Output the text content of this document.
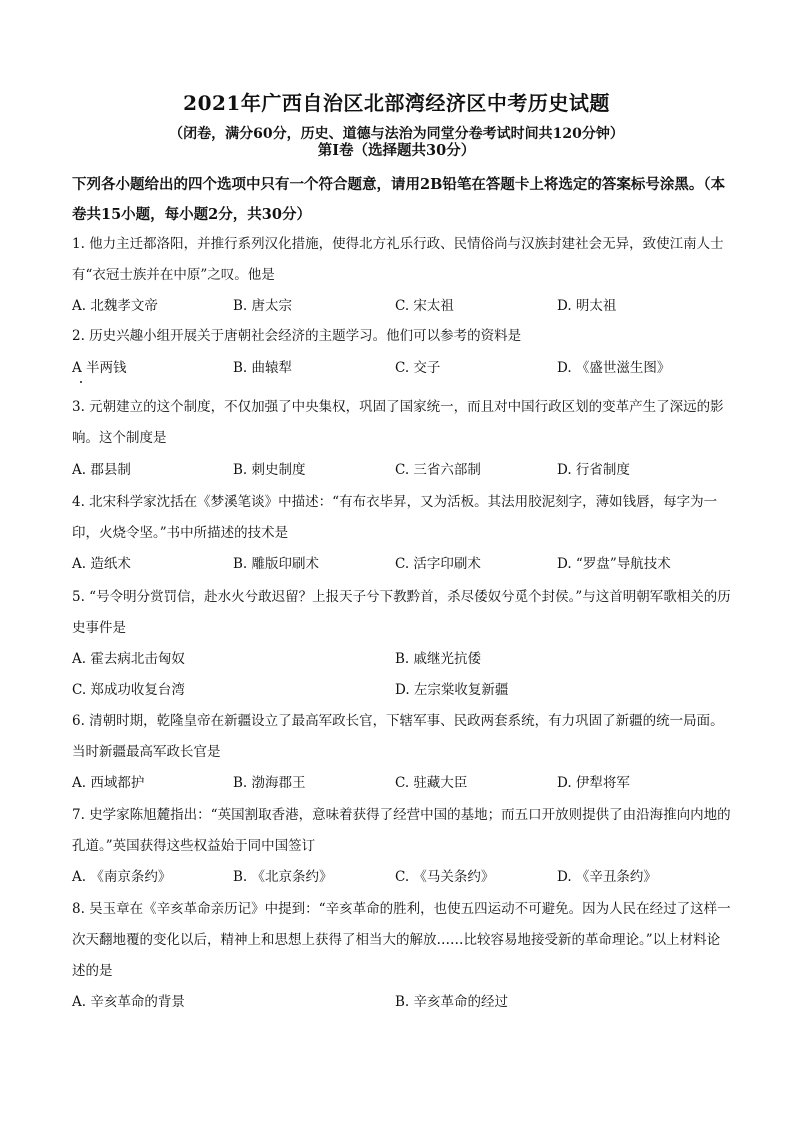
2021年广西自治区北部湾经济区中考历史试题
（闭卷，满分60分，历史、道德与法治为同堂分卷考试时间共120分钟）
第Ⅰ卷（选择题共30分）
下列各小题给出的四个选项中只有一个符合题意，请用2B铅笔在答题卡上将选定的答案标号涂黑。（本卷共15小题，每小题2分，共30分）
1. 他力主迁都洛阳，并推行系列汉化措施，使得北方礼乐行政、民情俗尚与汉族封建社会无异，致使江南人士有“衣冠士族并在中原”之叹。他是
A. 北魏孝文帝	B. 唐太宗	C. 宋太祖	D. 明太祖
2. 历史兴趣小组开展关于唐朝社会经济的主题学习。他们可以参考的资料是
A 半两钱	B. 曲辕犁	C. 交子	D. 《盛世滋生图》
3. 元朝建立的这个制度，不仅加强了中央集权，巩固了国家统一，而且对中国行政区划的变革产生了深远的影响。这个制度是
A. 郡县制	B. 刺史制度	C. 三省六部制	D. 行省制度
4. 北宋科学家沈括在《梦溪笔谈》中描述：“有布衣毕昇，又为活板。其法用胶泥刻字，薄如钱唇，每字为一印，火烧令坚。”书中所描述的技术是
A. 造纸术	B. 雕版印刷术	C. 活字印刷术	D. “罗盘”导航技术
5. “号令明分赏罚信，赴水火兮敢迟留？上报天子兮下教黔首，杀尽倭奴兮觅个封侯。”与这首明朝军歌相关的历史事件是
A. 霍去病北击匈奴	B. 戚继光抗倭
C. 郑成功收复台湾	D. 左宗棠收复新疆
6. 清朝时期，乾隆皇帝在新疆设立了最高军政长官，下辖军事、民政两套系统，有力巩固了新疆的统一局面。当时新疆最高军政长官是
A. 西域都护	B. 渤海郡王	C. 驻藏大臣	D. 伊犁将军
7. 史学家陈旭麓指出：“英国割取香港，意味着获得了经营中国的基地；而五口开放则提供了由沿海推向内地的孔道。”英国获得这些权益始于同中国签订
A. 《南京条约》	B. 《北京条约》	C. 《马关条约》	D. 《辛丑条约》
8. 吴玉章在《辛亥革命亲历记》中提到：“辛亥革命的胜利，也使五四运动不可避免。因为人民在经过了这样一次天翻地覆的变化以后，精神上和思想上获得了相当大的解放……比较容易地接受新的革命理论。”以上材料论述的是
A. 辛亥革命的背景	B. 辛亥革命的经过
